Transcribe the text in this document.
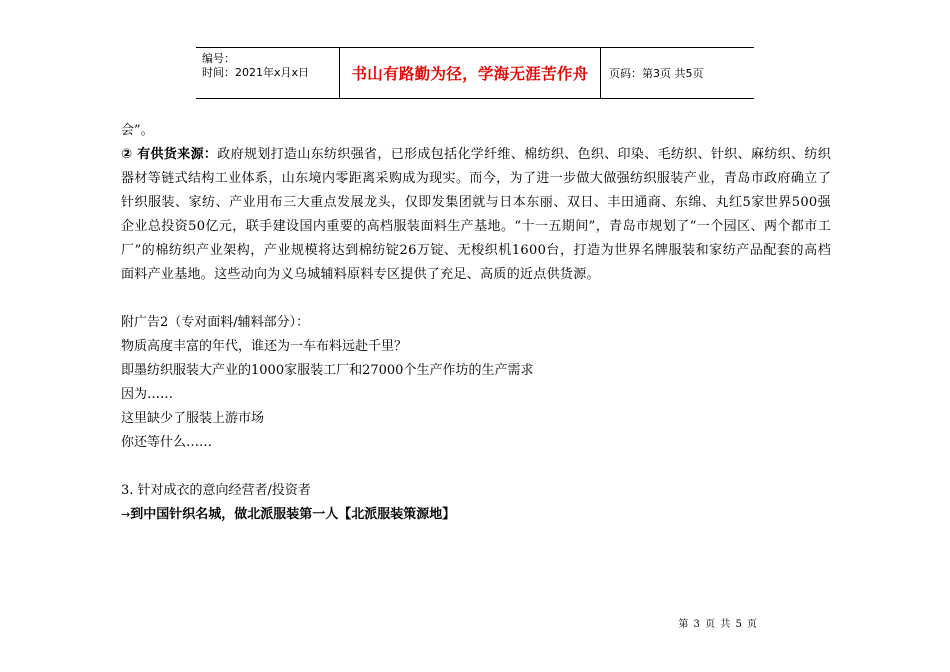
编号：
时间：2021年x月x日	书山有路勤为径，学海无涯苦作舟	页码：第3页 共5页

会”。

② 有供货来源：政府规划打造山东纺织强省，已形成包括化学纤维、棉纺织、色织、印染、毛纺织、针织、麻纺织、纺织器材等链式结构工业体系，山东境内零距离采购成为现实。而今，为了进一步做大做强纺织服装产业，青岛市政府确立了针织服装、家纺、产业用布三大重点发展龙头，仅即发集团就与日本东丽、双日、丰田通商、东绵、丸红5家世界500强企业总投资50亿元，联手建设国内重要的高档服装面料生产基地。“十一五期间”，青岛市规划了“一个园区、两个都市工厂”的棉纺织产业架构，产业规模将达到棉纺锭26万锭、无梭织机1600台，打造为世界名牌服装和家纺产品配套的高档面料产业基地。这些动向为义乌城辅料原料专区提供了充足、高质的近点供货源。

附广告2（专对面料/辅料部分）：

物质高度丰富的年代，谁还为一车布料远赴千里？

即墨纺织服装大产业的1000家服装工厂和27000个生产作坊的生产需求

因为……

这里缺少了服装上游市场

你还等什么……

3. 针对成衣的意向经营者/投资者

→到中国针织名城，做北派服装第一人【北派服装策源地】

第 3 页 共 5 页
